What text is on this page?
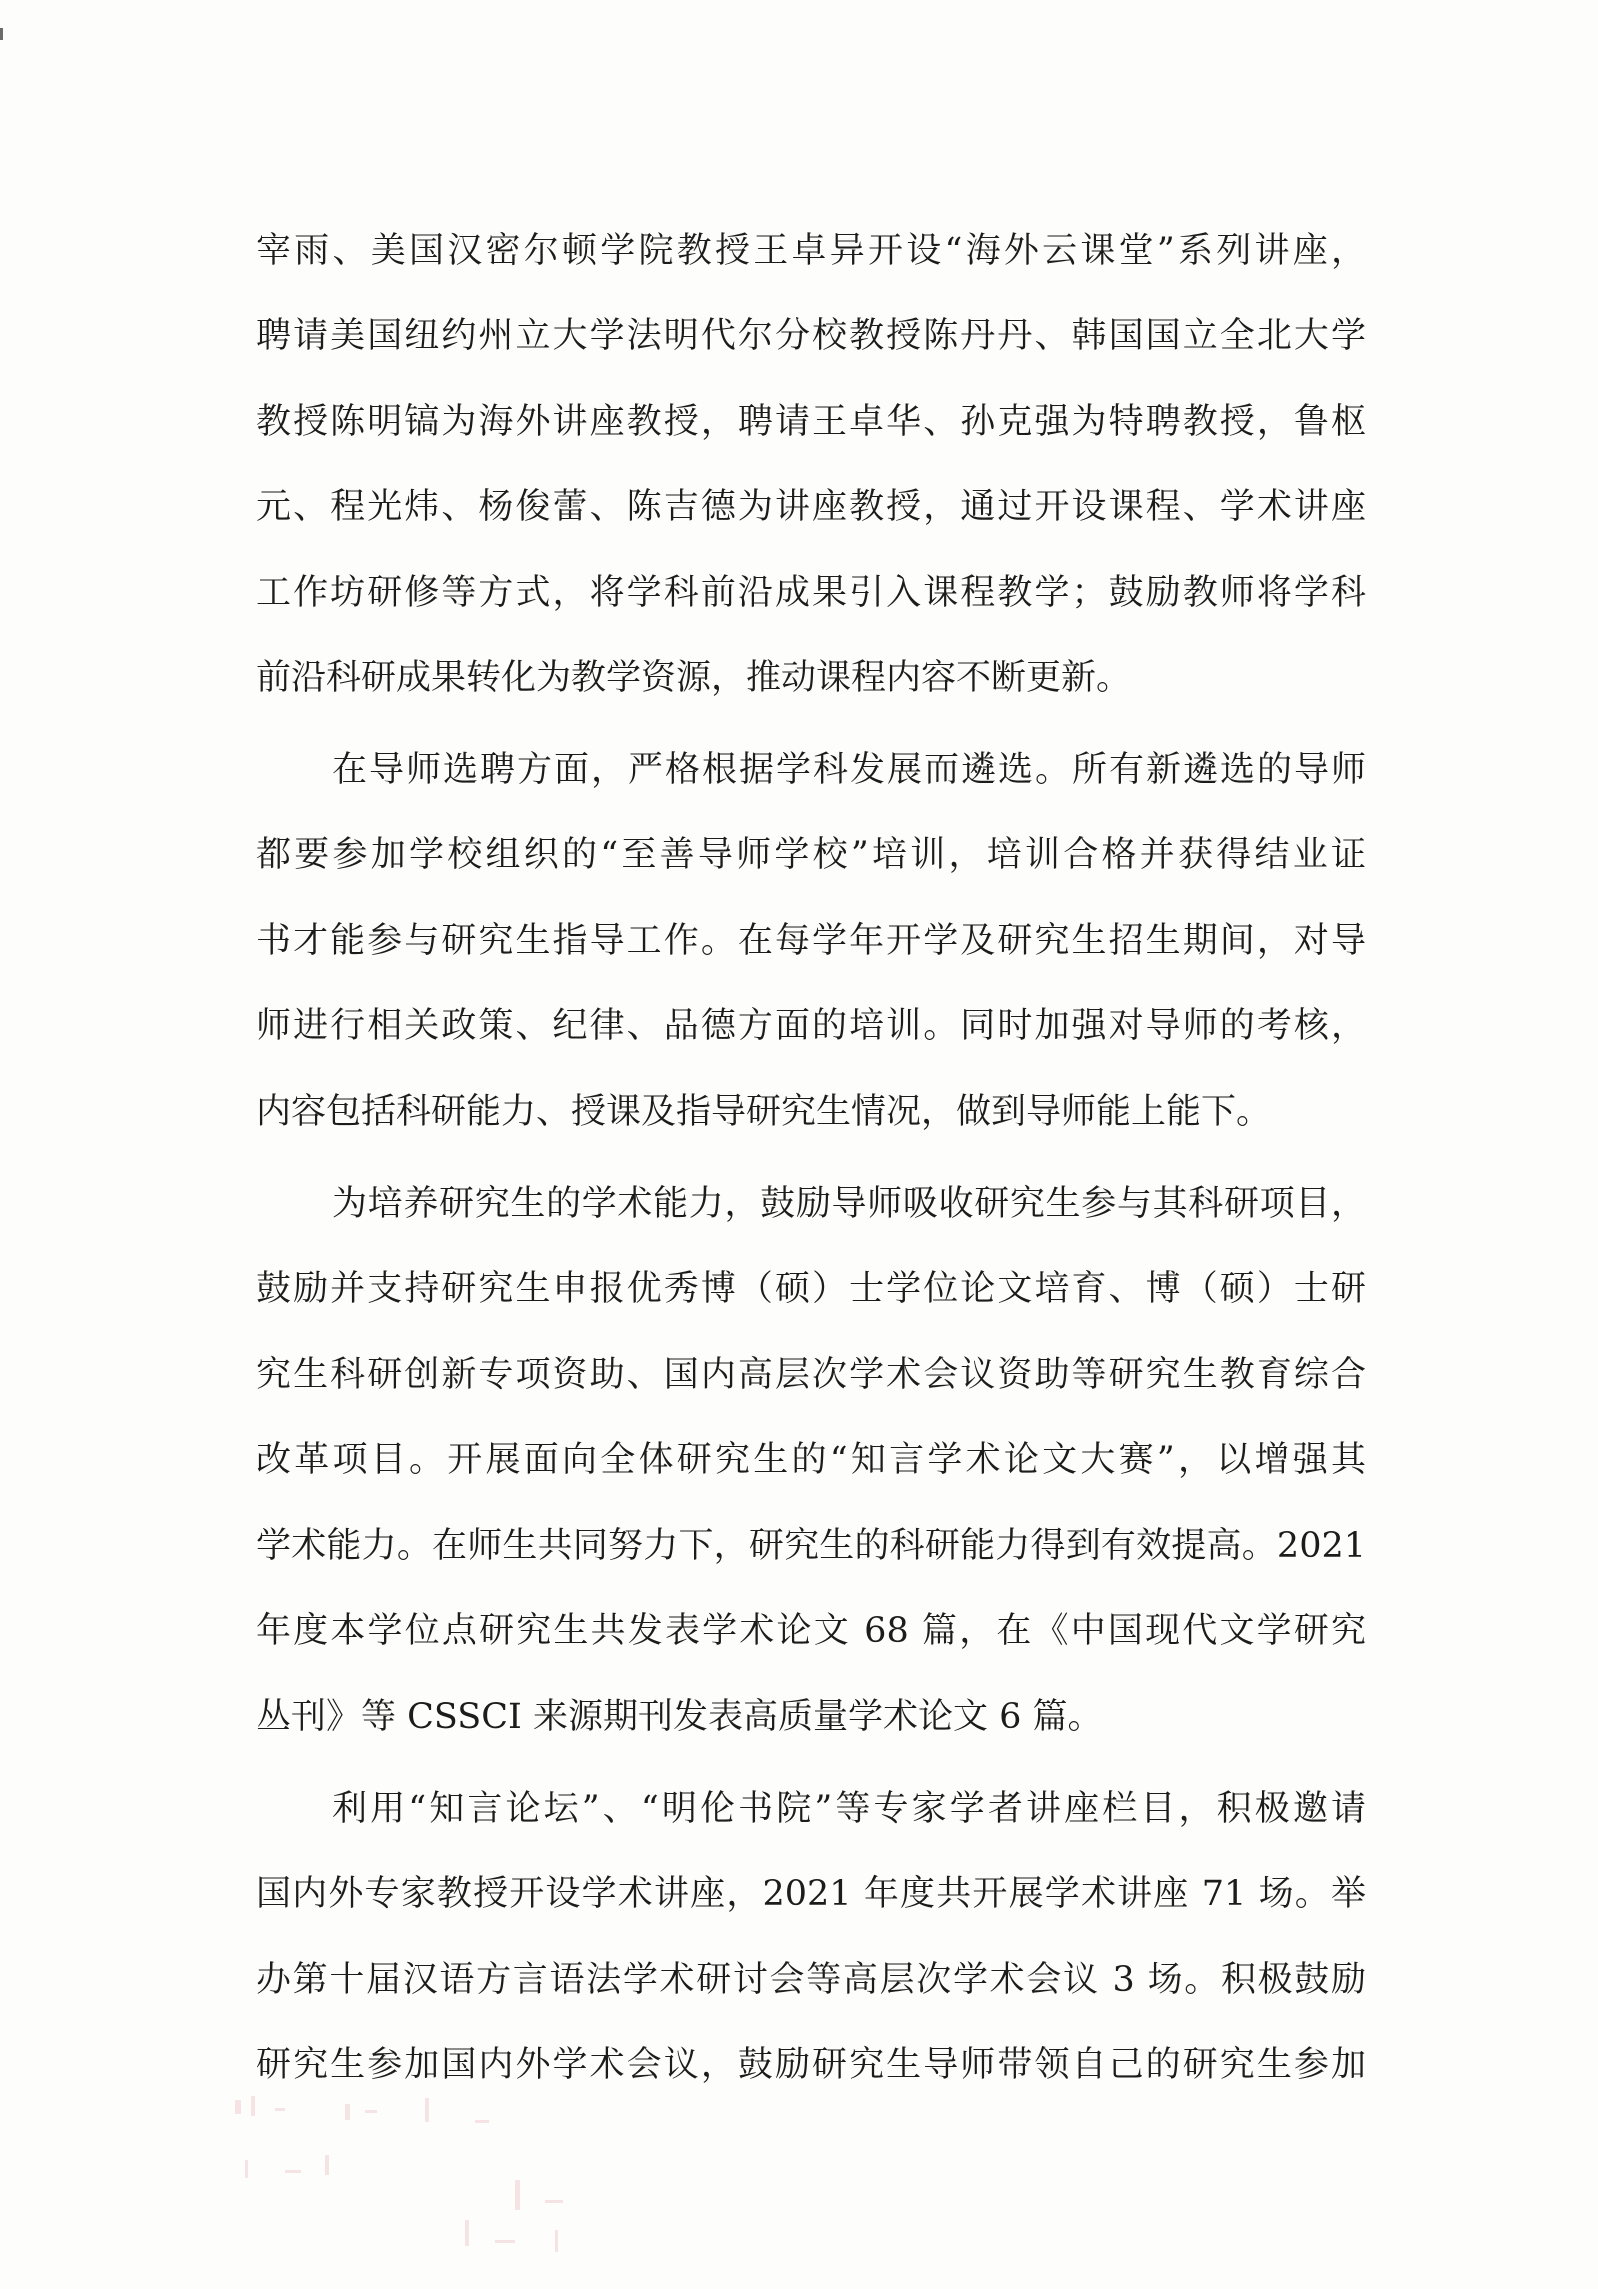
宰雨、美国汉密尔顿学院教授王卓异开设“海外云课堂”系列讲座，
聘请美国纽约州立大学法明代尔分校教授陈丹丹、韩国国立全北大学
教授陈明镐为海外讲座教授，聘请王卓华、孙克强为特聘教授，鲁枢
元、程光炜、杨俊蕾、陈吉德为讲座教授，通过开设课程、学术讲座
工作坊研修等方式，将学科前沿成果引入课程教学；鼓励教师将学科
前沿科研成果转化为教学资源，推动课程内容不断更新。
在导师选聘方面，严格根据学科发展而遴选。所有新遴选的导师
都要参加学校组织的“至善导师学校”培训，培训合格并获得结业证
书才能参与研究生指导工作。在每学年开学及研究生招生期间，对导
师进行相关政策、纪律、品德方面的培训。同时加强对导师的考核，
内容包括科研能力、授课及指导研究生情况，做到导师能上能下。
为培养研究生的学术能力，鼓励导师吸收研究生参与其科研项目，
鼓励并支持研究生申报优秀博（硕）士学位论文培育、博（硕）士研
究生科研创新专项资助、国内高层次学术会议资助等研究生教育综合
改革项目。开展面向全体研究生的“知言学术论文大赛”，以增强其
学术能力。在师生共同努力下，研究生的科研能力得到有效提高。2021
年度本学位点研究生共发表学术论文 68 篇，在《中国现代文学研究
丛刊》等 CSSCI 来源期刊发表高质量学术论文 6 篇。
利用“知言论坛”、“明伦书院”等专家学者讲座栏目，积极邀请
国内外专家教授开设学术讲座，2021 年度共开展学术讲座 71 场。举
办第十届汉语方言语法学术研讨会等高层次学术会议 3 场。积极鼓励
研究生参加国内外学术会议，鼓励研究生导师带领自己的研究生参加
